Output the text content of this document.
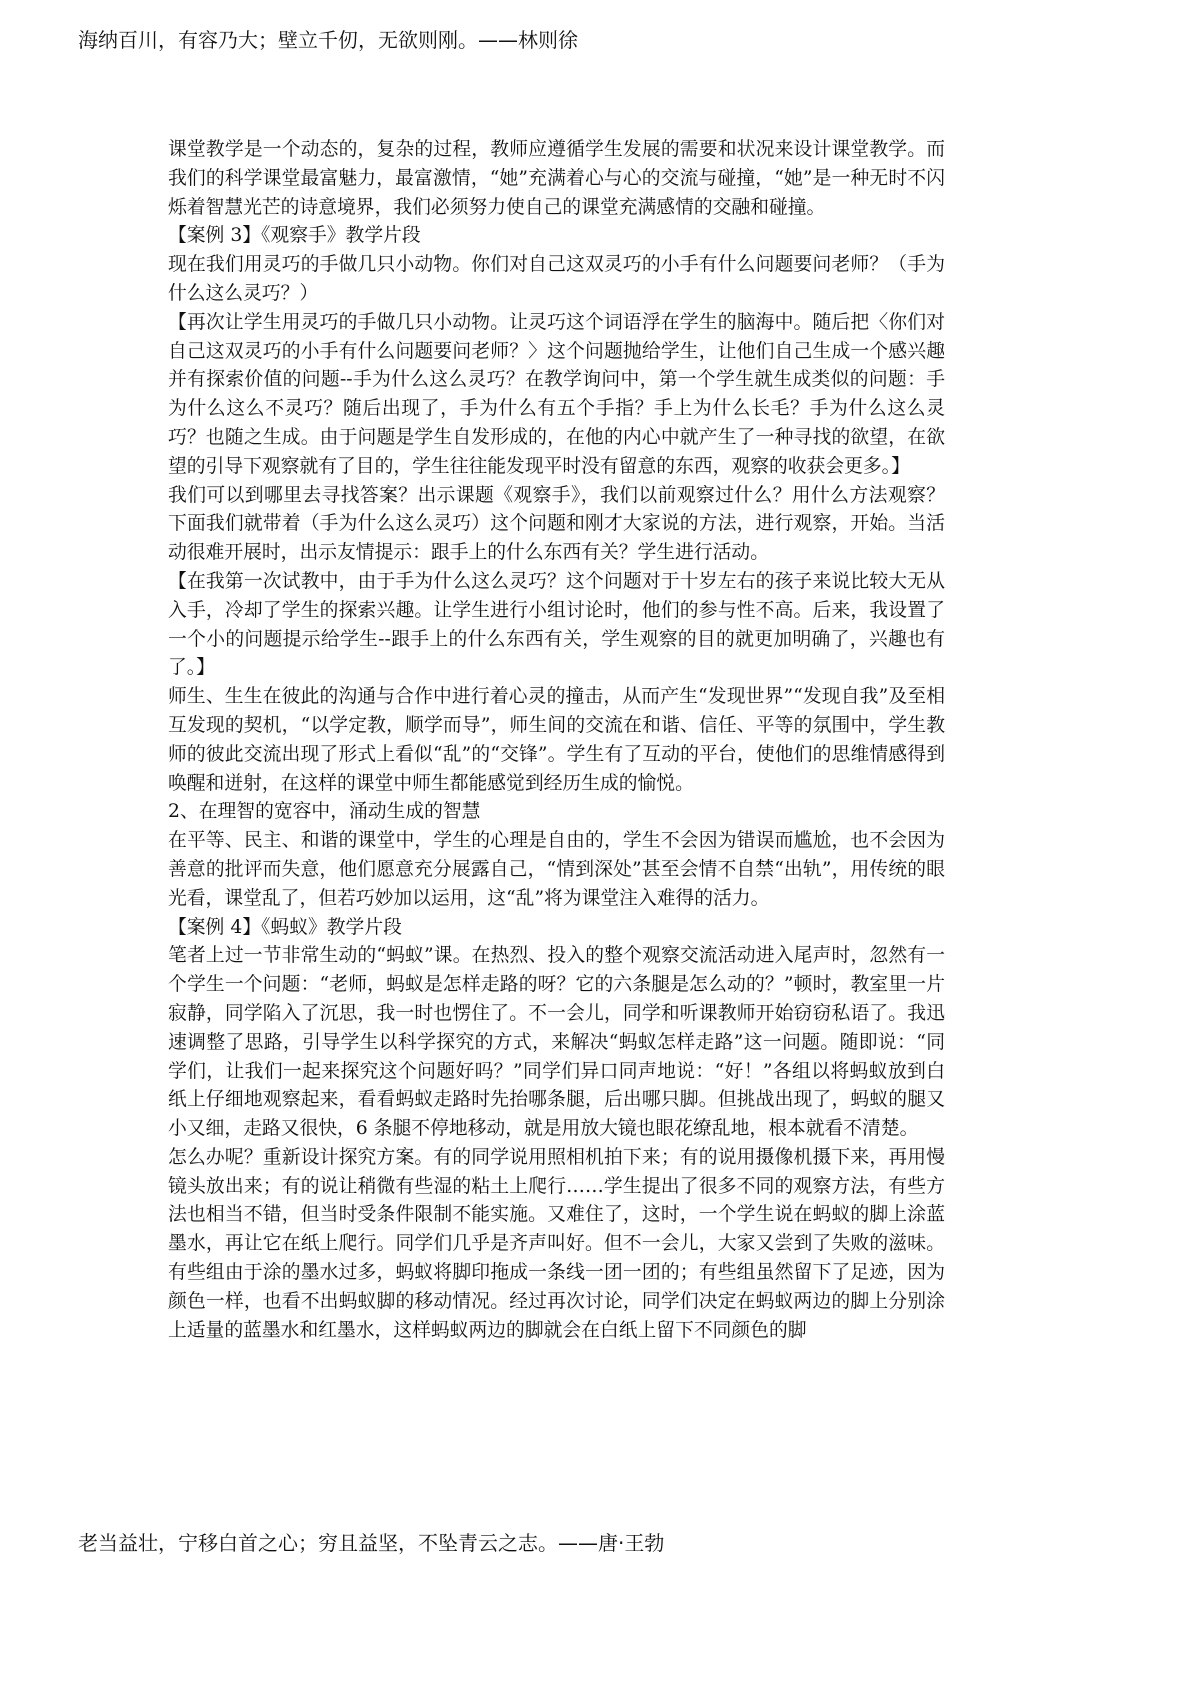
海纳百川，有容乃大；壁立千仞，无欲则刚。——林则徐

课堂教学是一个动态的，复杂的过程，教师应遵循学生发展的需要和状况来设计课堂教学。而我们的科学课堂最富魅力，最富激情，“她”充满着心与心的交流与碰撞，“她”是一种无时不闪烁着智慧光芒的诗意境界，我们必须努力使自己的课堂充满感情的交融和碰撞。

【案例 3】《观察手》教学片段

现在我们用灵巧的手做几只小动物。你们对自己这双灵巧的小手有什么问题要问老师？（手为什么这么灵巧？）

【再次让学生用灵巧的手做几只小动物。让灵巧这个词语浮在学生的脑海中。随后把〈你们对自己这双灵巧的小手有什么问题要问老师？〉这个问题抛给学生，让他们自己生成一个感兴趣并有探索价值的问题--手为什么这么灵巧？在教学询问中，第一个学生就生成类似的问题：手为什么这么不灵巧？随后出现了，手为什么有五个手指？手上为什么长毛？手为什么这么灵巧？也随之生成。由于问题是学生自发形成的，在他的内心中就产生了一种寻找的欲望，在欲望的引导下观察就有了目的，学生往往能发现平时没有留意的东西，观察的收获会更多。】

我们可以到哪里去寻找答案？出示课题《观察手》，我们以前观察过什么？用什么方法观察？下面我们就带着（手为什么这么灵巧）这个问题和刚才大家说的方法，进行观察，开始。当活动很难开展时，出示友情提示：跟手上的什么东西有关？学生进行活动。

【在我第一次试教中，由于手为什么这么灵巧？这个问题对于十岁左右的孩子来说比较大无从入手，冷却了学生的探索兴趣。让学生进行小组讨论时，他们的参与性不高。后来，我设置了一个小的问题提示给学生--跟手上的什么东西有关，学生观察的目的就更加明确了，兴趣也有了。】

师生、生生在彼此的沟通与合作中进行着心灵的撞击，从而产生“发现世界”“发现自我”及至相互发现的契机，“以学定教，顺学而导”，师生间的交流在和谐、信任、平等的氛围中，学生教师的彼此交流出现了形式上看似“乱”的“交锋”。学生有了互动的平台，使他们的思维情感得到唤醒和迸射，在这样的课堂中师生都能感觉到经历生成的愉悦。

2、在理智的宽容中，涌动生成的智慧

在平等、民主、和谐的课堂中，学生的心理是自由的，学生不会因为错误而尴尬，也不会因为善意的批评而失意，他们愿意充分展露自己，“情到深处”甚至会情不自禁“出轨”，用传统的眼光看，课堂乱了，但若巧妙加以运用，这“乱”将为课堂注入难得的活力。

【案例 4】《蚂蚁》教学片段

笔者上过一节非常生动的“蚂蚁”课。在热烈、投入的整个观察交流活动进入尾声时，忽然有一个学生一个问题：“老师，蚂蚁是怎样走路的呀？它的六条腿是怎么动的？”顿时，教室里一片寂静，同学陷入了沉思，我一时也愣住了。不一会儿，同学和听课教师开始窃窃私语了。我迅速调整了思路，引导学生以科学探究的方式，来解决“蚂蚁怎样走路”这一问题。随即说：“同学们，让我们一起来探究这个问题好吗？”同学们异口同声地说：“好！”各组以将蚂蚁放到白纸上仔细地观察起来，看看蚂蚁走路时先抬哪条腿，后出哪只脚。但挑战出现了，蚂蚁的腿又小又细，走路又很快，6 条腿不停地移动，就是用放大镜也眼花缭乱地，根本就看不清楚。

怎么办呢？重新设计探究方案。有的同学说用照相机拍下来；有的说用摄像机摄下来，再用慢镜头放出来；有的说让稍微有些湿的粘土上爬行……学生提出了很多不同的观察方法，有些方法也相当不错，但当时受条件限制不能实施。又难住了，这时，一个学生说在蚂蚁的脚上涂蓝墨水，再让它在纸上爬行。同学们几乎是齐声叫好。但不一会儿，大家又尝到了失败的滋味。有些组由于涂的墨水过多，蚂蚁将脚印拖成一条线一团一团的；有些组虽然留下了足迹，因为颜色一样，也看不出蚂蚁脚的移动情况。经过再次讨论，同学们决定在蚂蚁两边的脚上分别涂上适量的蓝墨水和红墨水，这样蚂蚁两边的脚就会在白纸上留下不同颜色的脚

老当益壮，宁移白首之心；穷且益坚，不坠青云之志。——唐·王勃
